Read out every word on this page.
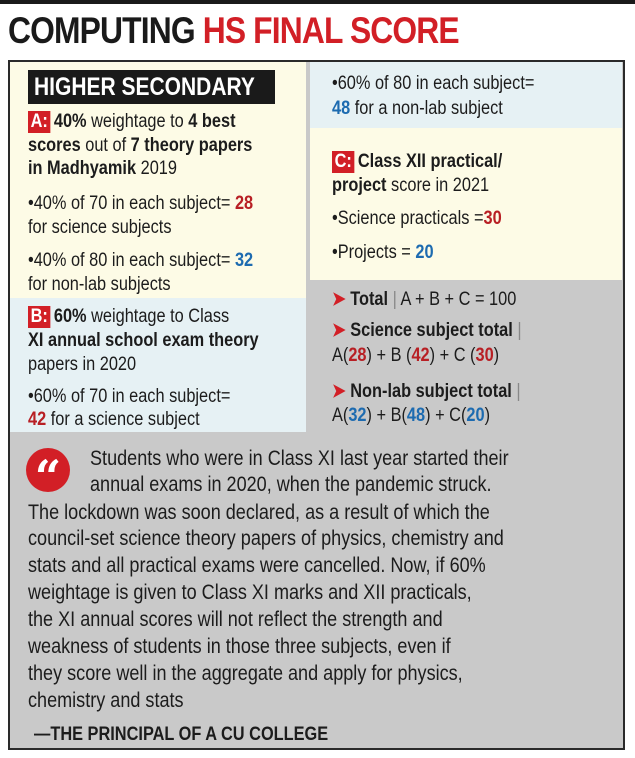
COMPUTING HS FINAL SCORE
HIGHER SECONDARY
A: 40% weightage to 4 best
scores out of 7 theory papers
in Madhyamik 2019
•40% of 70 in each subject= 28
for science subjects
•40% of 80 in each subject= 32
for non-lab subjects
B: 60% weightage to Class
XI annual school exam theory
papers in 2020
•60% of 70 in each subject=
42 for a science subject
•60% of 80 in each subject=
48 for a non-lab subject
C: Class XII practical/
project score in 2021
•Science practicals =30
•Projects = 20
➤ Total | A + B + C = 100
➤ Science subject total |
A(28) + B (42) + C (30)
➤ Non-lab subject total |
A(32) + B(48) + C(20)
“	Students who were in Class XI last year started their
annual exams in 2020, when the pandemic struck.
The lockdown was soon declared, as a result of which the
council-set science theory papers of physics, chemistry and
stats and all practical exams were cancelled. Now, if 60%
weightage is given to Class XI marks and XII practicals,
the XI annual scores will not reflect the strength and
weakness of students in those three subjects, even if
they score well in the aggregate and apply for physics,
chemistry and stats
—THE PRINCIPAL OF A CU COLLEGE
